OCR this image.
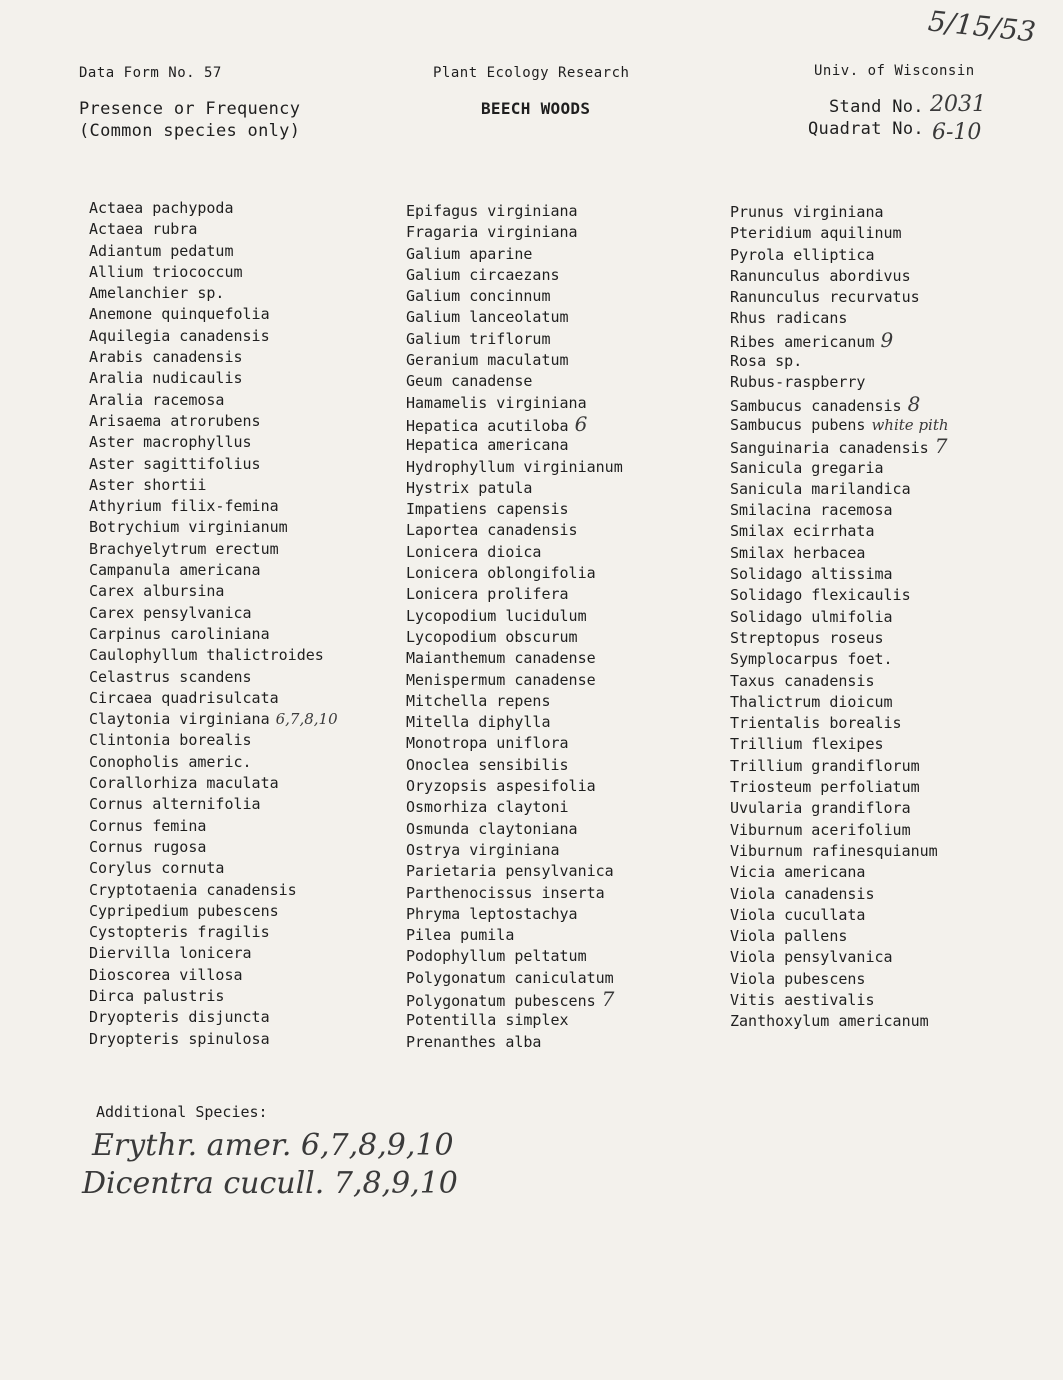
5/15/53
Data Form No. 57	Plant Ecology Research	Univ. of Wisconsin
Presence or Frequency
(Common species only)
BEECH WOODS	Stand No. 2031
Quadrat No. 6-10
Actaea pachypoda
Actaea rubra
Adiantum pedatum
Allium triococcum
Amelanchier sp.
Anemone quinquefolia
Aquilegia canadensis
Arabis canadensis
Aralia nudicaulis
Aralia racemosa
Arisaema atrorubens
Aster macrophyllus
Aster sagittifolius
Aster shortii
Athyrium filix-femina
Botrychium virginianum
Brachyelytrum erectum
Campanula americana
Carex albursina
Carex pensylvanica
Carpinus caroliniana
Caulophyllum thalictroides
Celastrus scandens
Circaea quadrisulcata
Claytonia virginiana 6,7,8,10
Clintonia borealis
Conopholis americ.
Corallorhiza maculata
Cornus alternifolia
Cornus femina
Cornus rugosa
Corylus cornuta
Cryptotaenia canadensis
Cypripedium pubescens
Cystopteris fragilis
Diervilla lonicera
Dioscorea villosa
Dirca palustris
Dryopteris disjuncta
Dryopteris spinulosa
Epifagus virginiana
Fragaria virginiana
Galium aparine
Galium circaezans
Galium concinnum
Galium lanceolatum
Galium triflorum
Geranium maculatum
Geum canadense
Hamamelis virginiana
Hepatica acutiloba 6
Hepatica americana
Hydrophyllum virginianum
Hystrix patula
Impatiens capensis
Laportea canadensis
Lonicera dioica
Lonicera oblongifolia
Lonicera prolifera
Lycopodium lucidulum
Lycopodium obscurum
Maianthemum canadense
Menispermum canadense
Mitchella repens
Mitella diphylla
Monotropa uniflora
Onoclea sensibilis
Oryzopsis aspesifolia
Osmorhiza claytoni
Osmunda claytoniana
Ostrya virginiana
Parietaria pensylvanica
Parthenocissus inserta
Phryma leptostachya
Pilea pumila
Podophyllum peltatum
Polygonatum caniculatum
Polygonatum pubescens 7
Potentilla simplex
Prenanthes alba
Prunus virginiana
Pteridium aquilinum
Pyrola elliptica
Ranunculus abordivus
Ranunculus recurvatus
Rhus radicans
Ribes americanum 9
Rosa sp.
Rubus-raspberry
Sambucus canadensis 8
Sambucus pubens white pith
Sanguinaria canadensis 7
Sanicula gregaria
Sanicula marilandica
Smilacina racemosa
Smilax ecirrhata
Smilax herbacea
Solidago altissima
Solidago flexicaulis
Solidago ulmifolia
Streptopus roseus
Symplocarpus foet.
Taxus canadensis
Thalictrum dioicum
Trientalis borealis
Trillium flexipes
Trillium grandiflorum
Triosteum perfoliatum
Uvularia grandiflora
Viburnum acerifolium
Viburnum rafinesquianum
Vicia americana
Viola canadensis
Viola cucullata
Viola pallens
Viola pensylvanica
Viola pubescens
Vitis aestivalis
Zanthoxylum americanum
Additional Species:
Erythr. amer. 6,7,8,9,10
Dicentra cucull. 7,8,9,10
